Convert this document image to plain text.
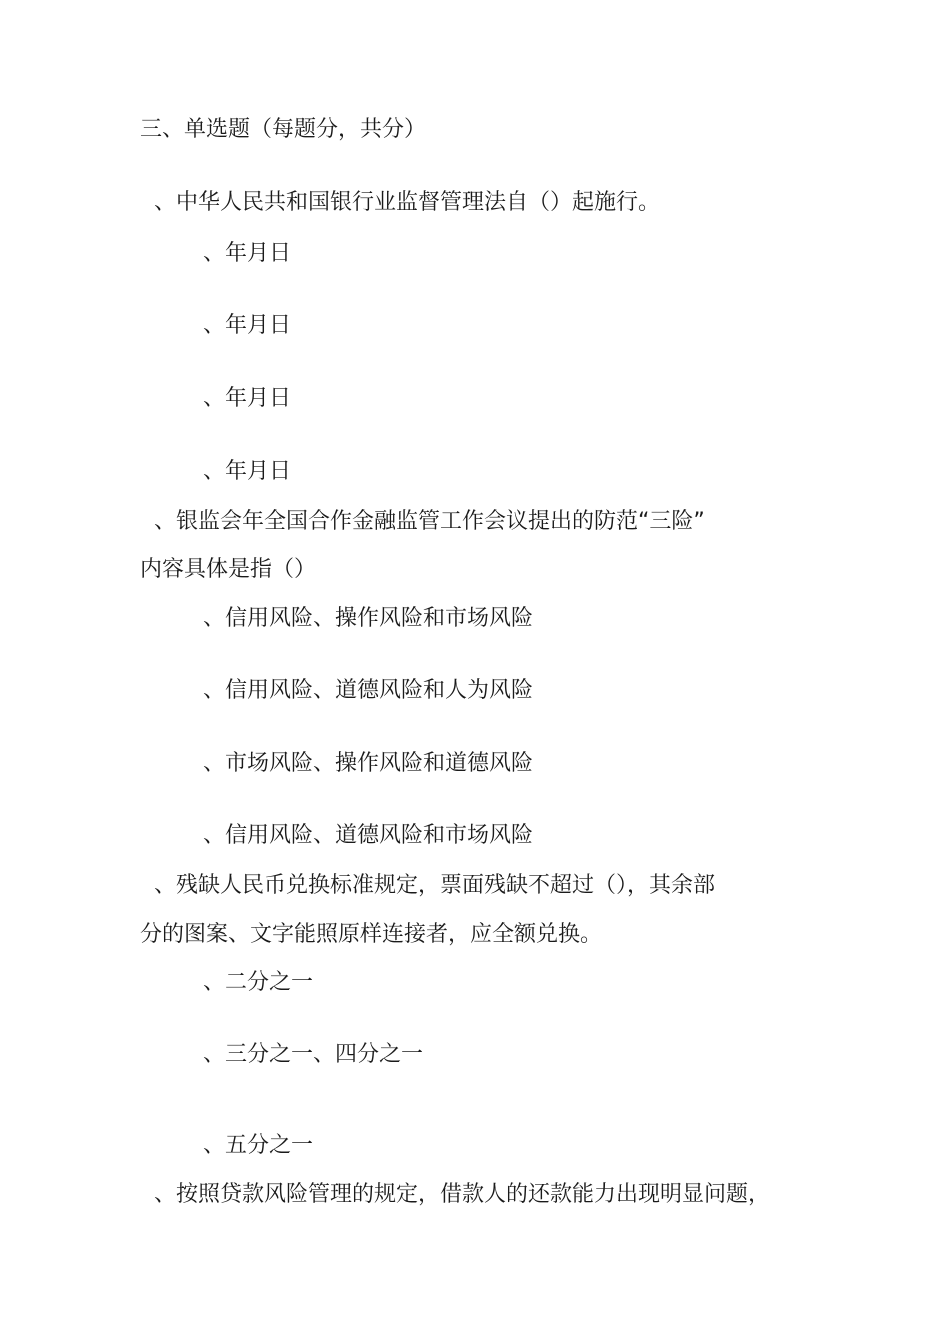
三、单选题（每题分，共分）
、中华人民共和国银行业监督管理法自（）起施行。
、年月日
、年月日
、年月日
、年月日
、银监会年全国合作金融监管工作会议提出的防范“三险”
内容具体是指（）
、信用风险、操作风险和市场风险
、信用风险、道德风险和人为风险
、市场风险、操作风险和道德风险
、信用风险、道德风险和市场风险
、残缺人民币兑换标准规定，票面残缺不超过（），其余部
分的图案、文字能照原样连接者，应全额兑换。
、二分之一
、三分之一、四分之一
、五分之一
、按照贷款风险管理的规定，借款人的还款能力出现明显问题，
